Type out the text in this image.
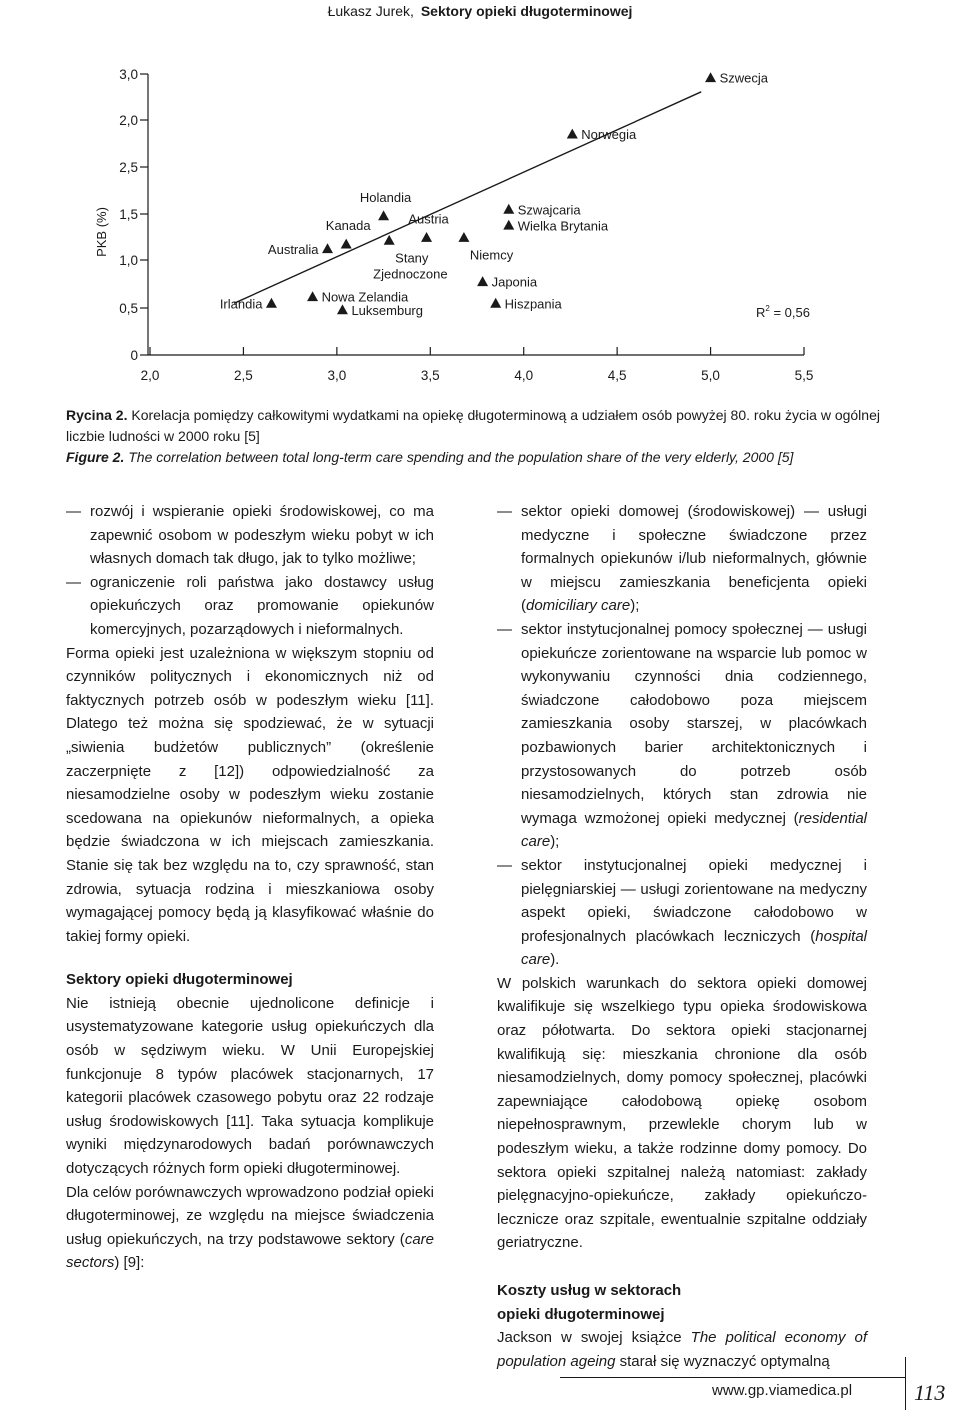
Łukasz Jurek, Sektory opieki długoterminowej
0
0,5
1,0
1,5
2,5
2,0
3,0
2,0	2,5	3,0	3,5	4,0	4,5	5,0	5,5
Irlandia	Nowa Zelandia
Luksemburg
Australia
Kanada
Holandia
Stany Zjednoczone
Austria
Niemcy
Szwajcaria
Wielka Brytania
Japonia
Hiszpania
Norwegia
Szwecja
PKB (%)
$R^2 = 0,56$
Rycina 2. Korelacja pomiędzy całkowitymi wydatkami na opiekę długoterminową a udziałem osób powyżej 80. roku życia w ogólnej liczbie ludności w 2000 roku [5]
Figure 2. The correlation between total long-term care spending and the population share of the very elderly, 2000 [5]
— rozwój i wspieranie opieki środowiskowej, co ma zapewnić osobom w podeszłym wieku pobyt w ich własnych domach tak długo, jak to tylko możliwe;
— ograniczenie roli państwa jako dostawcy usług opiekuńczych oraz promowanie opiekunów komercyjnych, pozarządowych i nieformalnych.

Forma opieki jest uzależniona w większym stopniu od czynników politycznych i ekonomicznych niż od faktycznych potrzeb osób w podeszłym wieku [11]. Dlatego też można się spodziewać, że w sytuacji „siwienia budżetów publicznych” (określenie zaczerpnięte z [12]) odpowiedzialność za niesamodzielne osoby w podeszłym wieku zostanie scedowana na opiekunów nieformalnych, a opieka będzie świadczona w ich miejscach zamieszkania. Stanie się tak bez względu na to, czy sprawność, stan zdrowia, sytuacja rodzina i mieszkaniowa osoby wymagającej pomocy będą ją klasyfikować właśnie do takiej formy opieki.

Sektory opieki długoterminowej

Nie istnieją obecnie ujednolicone definicje i usystematyzowane kategorie usług opiekuńczych dla osób w sędziwym wieku. W Unii Europejskiej funkcjonuje 8 typów placówek stacjonarnych, 17 kategorii placówek czasowego pobytu oraz 22 rodzaje usług środowiskowych [11]. Taka sytuacja komplikuje wyniki międzynarodowych badań porównawczych dotyczących różnych form opieki długoterminowej.

Dla celów porównawczych wprowadzono podział opieki długoterminowej, ze względu na miejsce świadczenia usług opiekuńczych, na trzy podstawowe sektory (care sectors) [9]:

— sektor opieki domowej (środowiskowej) — usługi medyczne i społeczne świadczone przez formalnych opiekunów i/lub nieformalnych, głównie w miejscu zamieszkania beneficjenta opieki (domiciliary care);
— sektor instytucjonalnej pomocy społecznej — usługi opiekuńcze zorientowane na wsparcie lub pomoc w wykonywaniu czynności dnia codziennego, świadczone całodobowo poza miejscem zamieszkania osoby starszej, w placówkach pozbawionych barier architektonicznych i przystosowanych do potrzeb osób niesamodzielnych, których stan zdrowia nie wymaga wzmożonej opieki medycznej (residential care);
— sektor instytucjonalnej opieki medycznej i pielęgniarskiej — usługi zorientowane na medyczny aspekt opieki, świadczone całodobowo w profesjonalnych placówkach leczniczych (hospital care).

W polskich warunkach do sektora opieki domowej kwalifikuje się wszelkiego typu opieka środowiskowa oraz półotwarta. Do sektora opieki stacjonarnej kwalifikują się: mieszkania chronione dla osób niesamodzielnych, domy pomocy społecznej, placówki zapewniające całodobową opiekę osobom niepełnosprawnym, przewlekle chorym lub w podeszłym wieku, a także rodzinne domy pomocy. Do sektora opieki szpitalnej należą natomiast: zakłady pielęgnacyjno-opiekuńcze, zakłady opiekuńczo-lecznicze oraz szpitale, ewentualnie szpitalne oddziały geriatryczne.

Koszty usług w sektorach
opieki długoterminowej

Jackson w swojej książce The political economy of population ageing starał się wyznaczyć optymalną

www.gp.viamedica.pl	113
